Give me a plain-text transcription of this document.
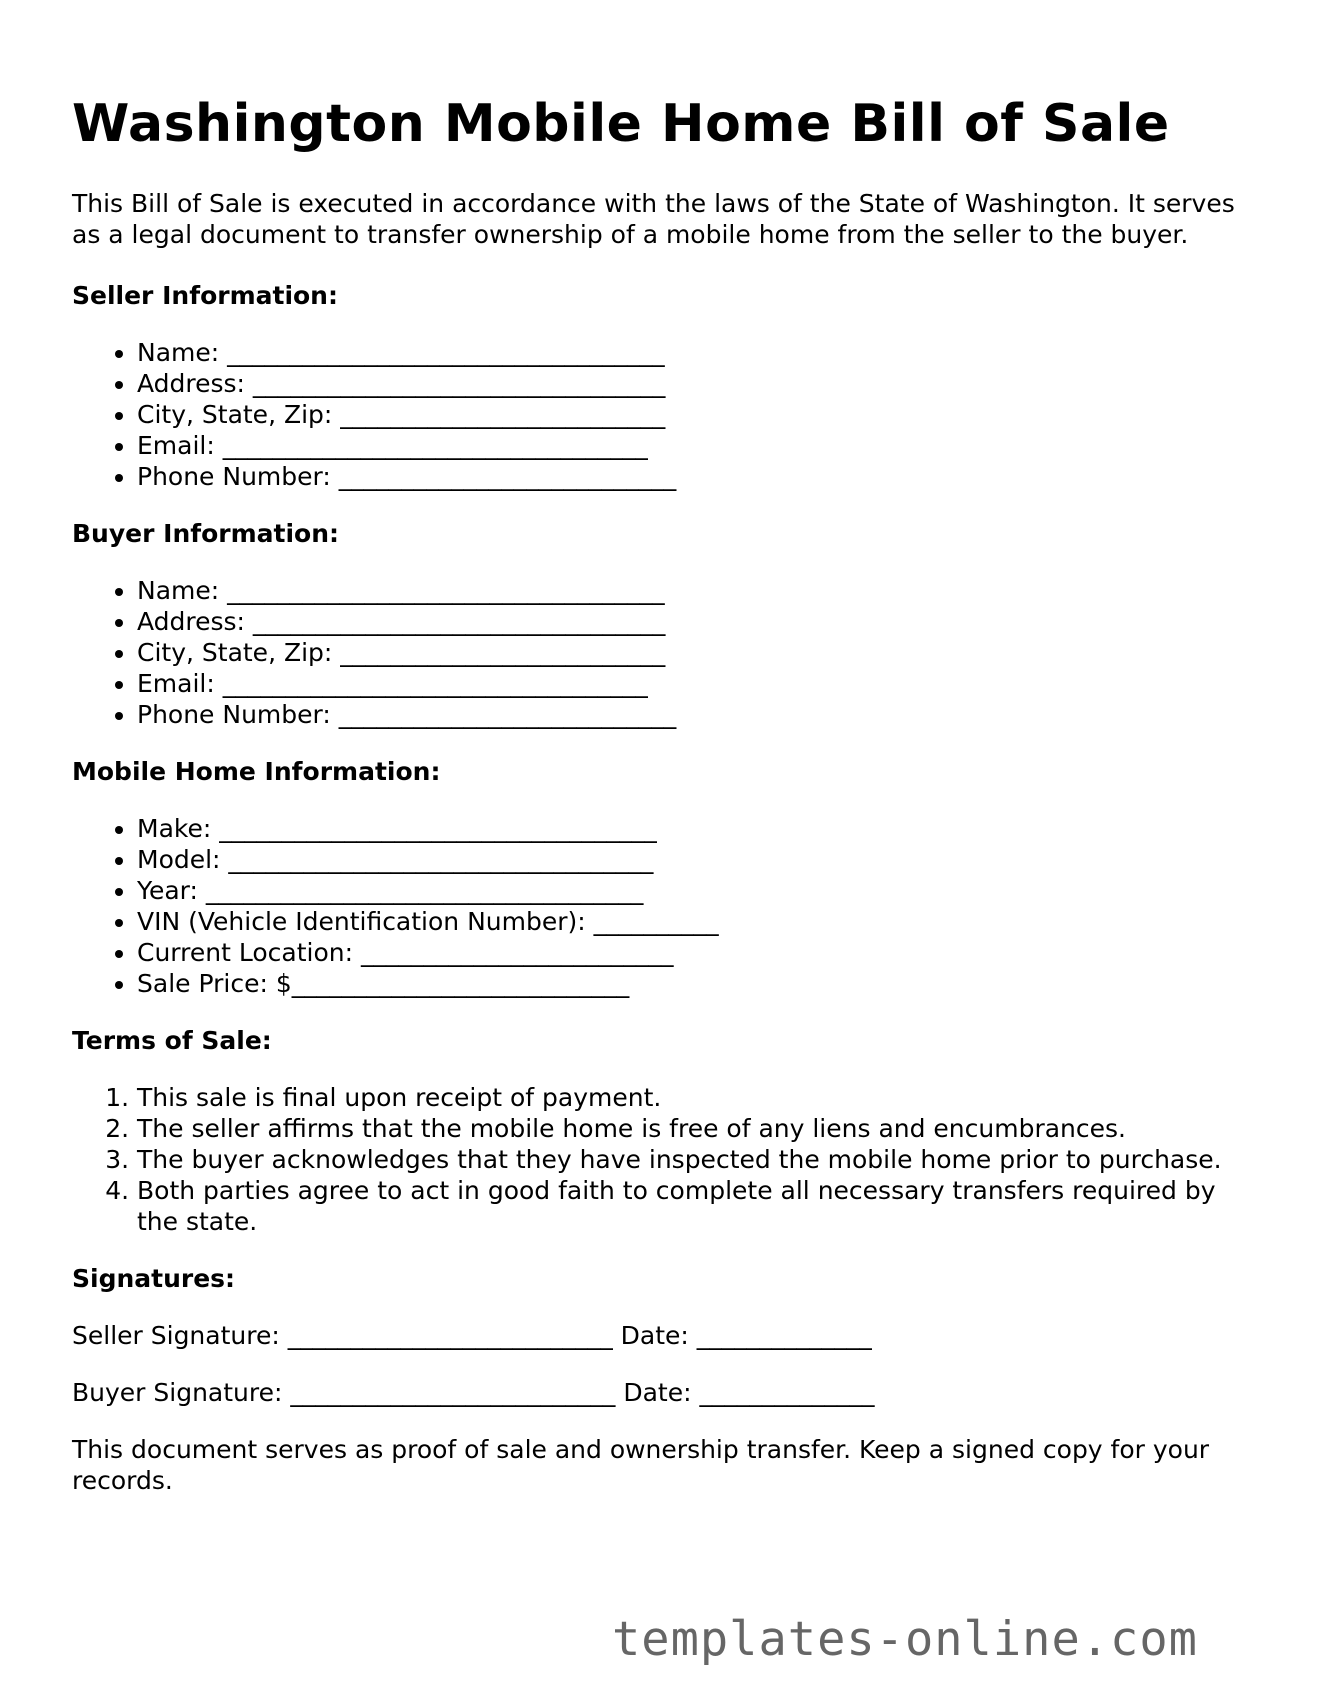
Washington Mobile Home Bill of Sale

This Bill of Sale is executed in accordance with the laws of the State of Washington. It serves as a legal document to transfer ownership of a mobile home from the seller to the buyer.

Seller Information:
• Name: ___________________________________
• Address: _________________________________
• City, State, Zip: __________________________
• Email: __________________________________
• Phone Number: ___________________________
Buyer Information:
• Name: ___________________________________
• Address: _________________________________
• City, State, Zip: __________________________
• Email: __________________________________
• Phone Number: ___________________________
Mobile Home Information:
• Make: ___________________________________
• Model: __________________________________
• Year: ___________________________________
• VIN (Vehicle Identification Number): __________
• Current Location: _________________________
• Sale Price: $___________________________
Terms of Sale:
1. This sale is final upon receipt of payment.
2. The seller affirms that the mobile home is free of any liens and encumbrances.
3. The buyer acknowledges that they have inspected the mobile home prior to purchase.
4. Both parties agree to act in good faith to complete all necessary transfers required by the state.
Signatures:
Seller Signature: __________________________ Date: ______________
Buyer Signature: __________________________ Date: ______________

This document serves as proof of sale and ownership transfer. Keep a signed copy for your records.

templates-online.com
